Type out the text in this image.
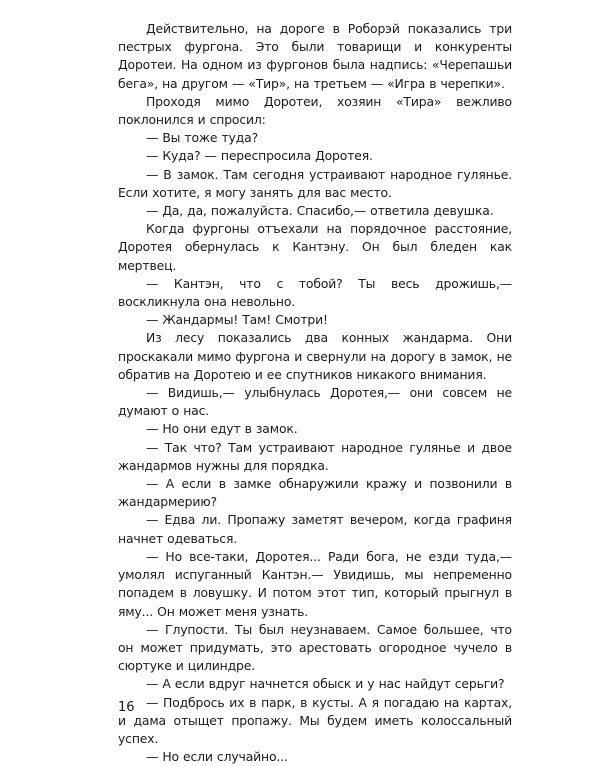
Действительно, на дороге в Роборэй показались три пестрых фургона. Это были товарищи и конкуренты Доротеи. На одном из фургонов была надпись: «Черепашьи бега», на другом — «Тир», на третьем — «Игра в черепки».

Проходя мимо Доротеи, хозяин «Тира» вежливо поклонился и спросил:

— Вы тоже туда?

— Куда? — переспросила Доротея.

— В замок. Там сегодня устраивают народное гулянье. Если хотите, я могу занять для вас место.

— Да, да, пожалуйста. Спасибо,— ответила девушка.

Когда фургоны отъехали на порядочное расстояние, Доротея обернулась к Кантэну. Он был бледен как мертвец.

— Кантэн, что с тобой? Ты весь дрожишь,— воскликнула она невольно.

— Жандармы! Там! Смотри!

Из лесу показались два конных жандарма. Они проскакали мимо фургона и свернули на дорогу в замок, не обратив на Доротею и ее спутников никакого внимания.

— Видишь,— улыбнулась Доротея,— они совсем не думают о нас.

— Но они едут в замок.

— Так что? Там устраивают народное гулянье и двое жандармов нужны для порядка.

— А если в замке обнаружили кражу и позвонили в жандармерию?

— Едва ли. Пропажу заметят вечером, когда графиня начнет одеваться.

— Но все-таки, Доротея... Ради бога, не езди туда,— умолял испуганный Кантэн.— Увидишь, мы непременно попадем в ловушку. И потом этот тип, который прыгнул в яму... Он может меня узнать.

— Глупости. Ты был неузнаваем. Самое большее, что он может придумать, это арестовать огородное чучело в сюртуке и цилиндре.

— А если вдруг начнется обыск и у нас найдут серьги?

— Подбрось их в парк, в кусты. А я погадаю на картах, и дама отыщет пропажу. Мы будем иметь колоссальный успех.

— Но если случайно...

16
